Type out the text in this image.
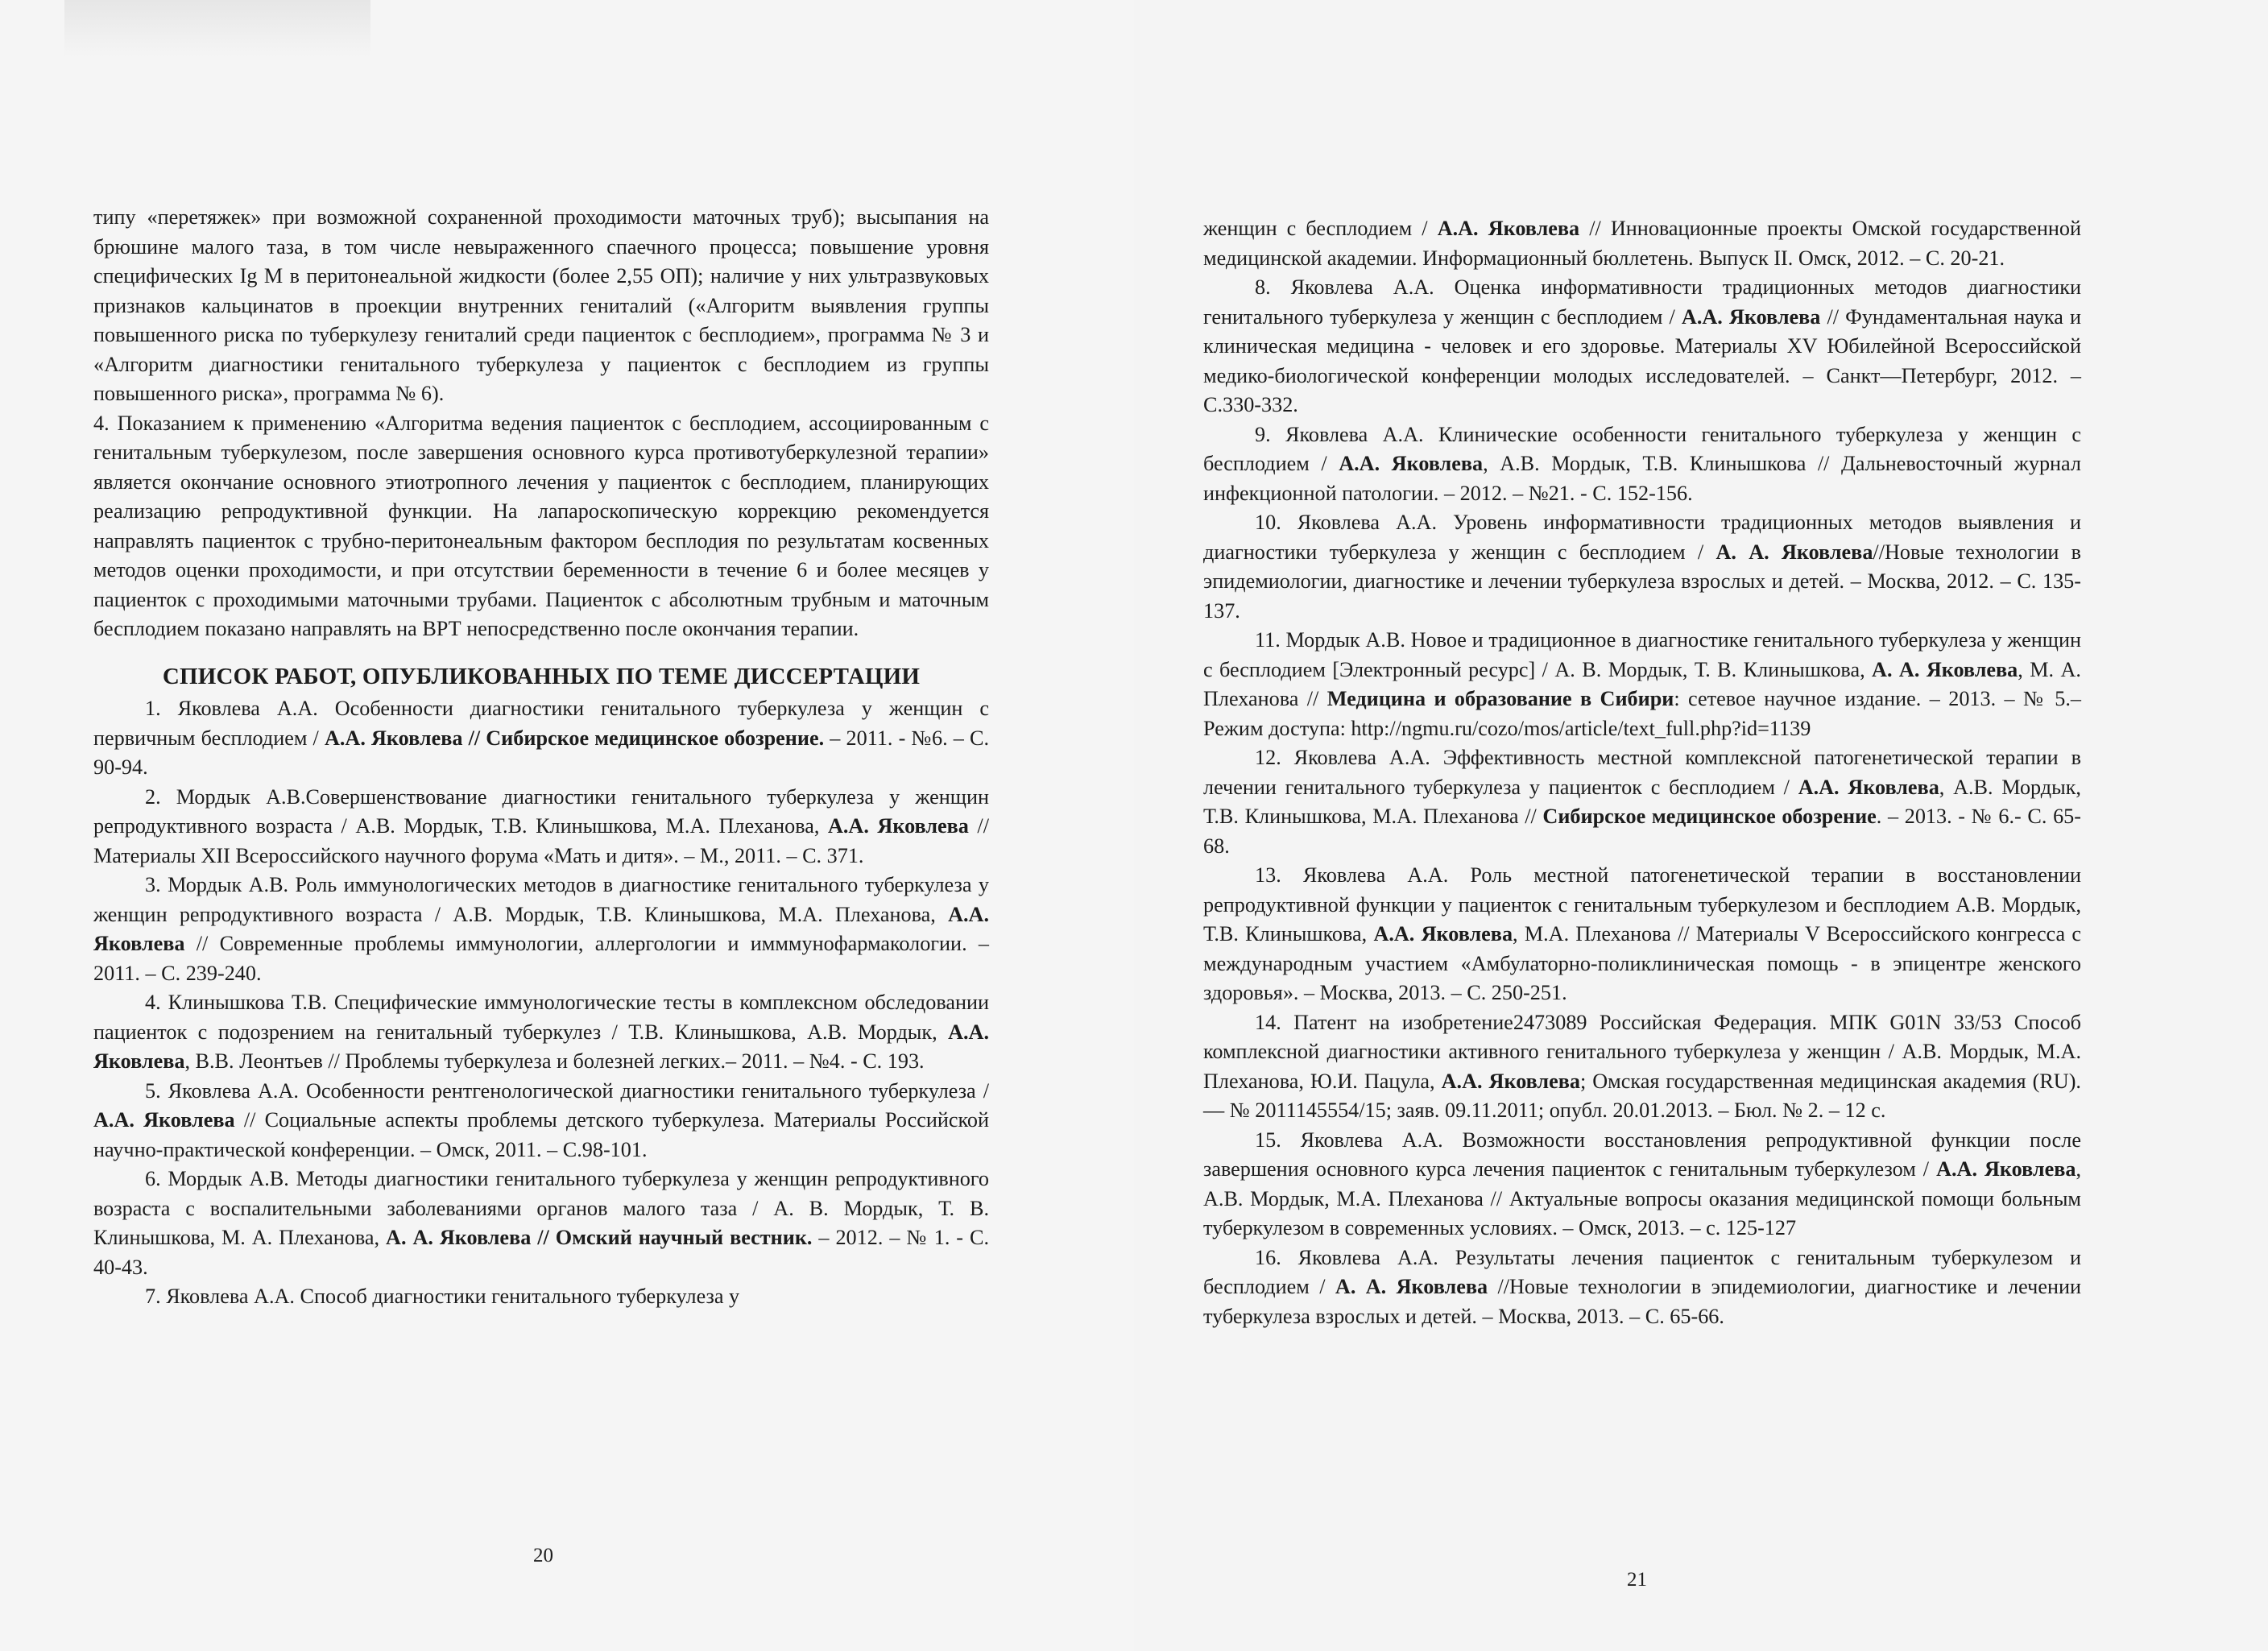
типу «перетяжек» при возможной сохраненной проходимости маточных труб); высыпания на брюшине малого таза, в том числе невыраженного спаечного процесса; повышение уровня специфических Ig M в перитонеальной жидкости (более 2,55 ОП); наличие у них ультразвуковых признаков кальцинатов в проекции внутренних гениталий («Алгоритм выявления группы повышенного риска по туберкулезу гениталий среди пациенток с бесплодием», программа № 3 и «Алгоритм диагностики генитального туберкулеза у пациенток с бесплодием из группы повышенного риска», программа № 6).

4. Показанием к применению «Алгоритма ведения пациенток с бесплодием, ассоциированным с генитальным туберкулезом, после завершения основного курса противотуберкулезной терапии» является окончание основного этиотропного лечения у пациенток с бесплодием, планирующих реализацию репродуктивной функции. На лапароскопическую коррекцию рекомендуется направлять пациенток с трубно-перитонеальным фактором бесплодия по результатам косвенных методов оценки проходимости, и при отсутствии беременности в течение 6 и более месяцев у пациенток с проходимыми маточными трубами. Пациенток с абсолютным трубным и маточным бесплодием показано направлять на ВРТ непосредственно после окончания терапии.

СПИСОК РАБОТ, ОПУБЛИКОВАННЫХ ПО ТЕМЕ ДИССЕРТАЦИИ

1. Яковлева А.А. Особенности диагностики генитального туберкулеза у женщин с первичным бесплодием / А.А. Яковлева // Сибирское медицинское обозрение. – 2011. - №6. – С. 90-94.

2. Мордык А.В.Совершенствование диагностики генитального туберкулеза у женщин репродуктивного возраста / А.В. Мордык, Т.В. Клинышкова, М.А. Плеханова, А.А. Яковлева // Материалы XII Всероссийского научного форума «Мать и дитя». – М., 2011. – С. 371.

3. Мордык А.В. Роль иммунологических методов в диагностике генитального туберкулеза у женщин репродуктивного возраста / А.В. Мордык, Т.В. Клинышкова, М.А. Плеханова, А.А. Яковлева // Современные проблемы иммунологии, аллергологии и имммунофармакологии. – 2011. – С. 239-240.

4. Клинышкова Т.В. Специфические иммунологические тесты в комплексном обследовании пациенток с подозрением на генитальный туберкулез / Т.В. Клинышкова, А.В. Мордык, А.А. Яковлева, В.В. Леонтьев // Проблемы туберкулеза и болезней легких.– 2011. – №4. - С. 193.

5. Яковлева А.А. Особенности рентгенологической диагностики генитального туберкулеза / А.А. Яковлева // Социальные аспекты проблемы детского туберкулеза. Материалы Российской научно-практической конференции. – Омск, 2011. – С.98-101.

6. Мордык А.В. Методы диагностики генитального туберкулеза у женщин репродуктивного возраста с воспалительными заболеваниями органов малого таза / А. В. Мордык, Т. В. Клинышкова, М. А. Плеханова, А. А. Яковлева // Омский научный вестник. – 2012. – № 1. - С. 40-43.

7. Яковлева А.А. Способ диагностики генитального туберкулеза у

20

женщин с бесплодием / А.А. Яковлева // Инновационные проекты Омской государственной медицинской академии. Информационный бюллетень. Выпуск II. Омск, 2012. – С. 20-21.

8. Яковлева А.А. Оценка информативности традиционных методов диагностики генитального туберкулеза у женщин с бесплодием / А.А. Яковлева // Фундаментальная наука и клиническая медицина - человек и его здоровье. Материалы XV Юбилейной Всероссийской медико-биологической конференции молодых исследователей. – Санкт—Петербург, 2012. – С.330-332.

9. Яковлева А.А. Клинические особенности генитального туберкулеза у женщин с бесплодием / А.А. Яковлева, А.В. Мордык, Т.В. Клинышкова // Дальневосточный журнал инфекционной патологии. – 2012. – №21. - С. 152-156.

10. Яковлева А.А. Уровень информативности традиционных методов выявления и диагностики туберкулеза у женщин с бесплодием / А. А. Яковлева//Новые технологии в эпидемиологии, диагностике и лечении туберкулеза взрослых и детей. – Москва, 2012. – С. 135-137.

11. Мордык А.В. Новое и традиционное в диагностике генитального туберкулеза у женщин с бесплодием [Электронный ресурс] / А. В. Мордык, Т. В. Клинышкова, А. А. Яковлева, М. А. Плеханова // Медицина и образование в Сибири: сетевое научное издание. – 2013. – № 5.– Режим доступа: http://ngmu.ru/cozo/mos/article/text_full.php?id=1139

12. Яковлева А.А. Эффективность местной комплексной патогенетической терапии в лечении генитального туберкулеза у пациенток с бесплодием / А.А. Яковлева, А.В. Мордык, Т.В. Клинышкова, М.А. Плеханова // Сибирское медицинское обозрение. – 2013. - № 6.- С. 65-68.

13. Яковлева А.А. Роль местной патогенетической терапии в восстановлении репродуктивной функции у пациенток с генитальным туберкулезом и бесплодием А.В. Мордык, Т.В. Клинышкова, А.А. Яковлева, М.А. Плеханова // Материалы V Всероссийского конгресса с международным участием «Амбулаторно-поликлиническая помощь - в эпицентре женского здоровья». – Москва, 2013. – С. 250-251.

14. Патент на изобретение2473089 Российская Федерация. МПК G01N 33/53 Способ комплексной диагностики активного генитального туберкулеза у женщин / А.В. Мордык, М.А. Плеханова, Ю.И. Пацула, А.А. Яковлева; Омская государственная медицинская академия (RU). — № 2011145554/15; заяв. 09.11.2011; опубл. 20.01.2013. – Бюл. № 2. – 12 с.

15. Яковлева А.А. Возможности восстановления репродуктивной функции после завершения основного курса лечения пациенток с генитальным туберкулезом / А.А. Яковлева, А.В. Мордык, М.А. Плеханова // Актуальные вопросы оказания медицинской помощи больным туберкулезом в современных условиях. – Омск, 2013. – с. 125-127

16. Яковлева А.А. Результаты лечения пациенток с генитальным туберкулезом и бесплодием / А. А. Яковлева //Новые технологии в эпидемиологии, диагностике и лечении туберкулеза взрослых и детей. – Москва, 2013. – С. 65-66.

21
